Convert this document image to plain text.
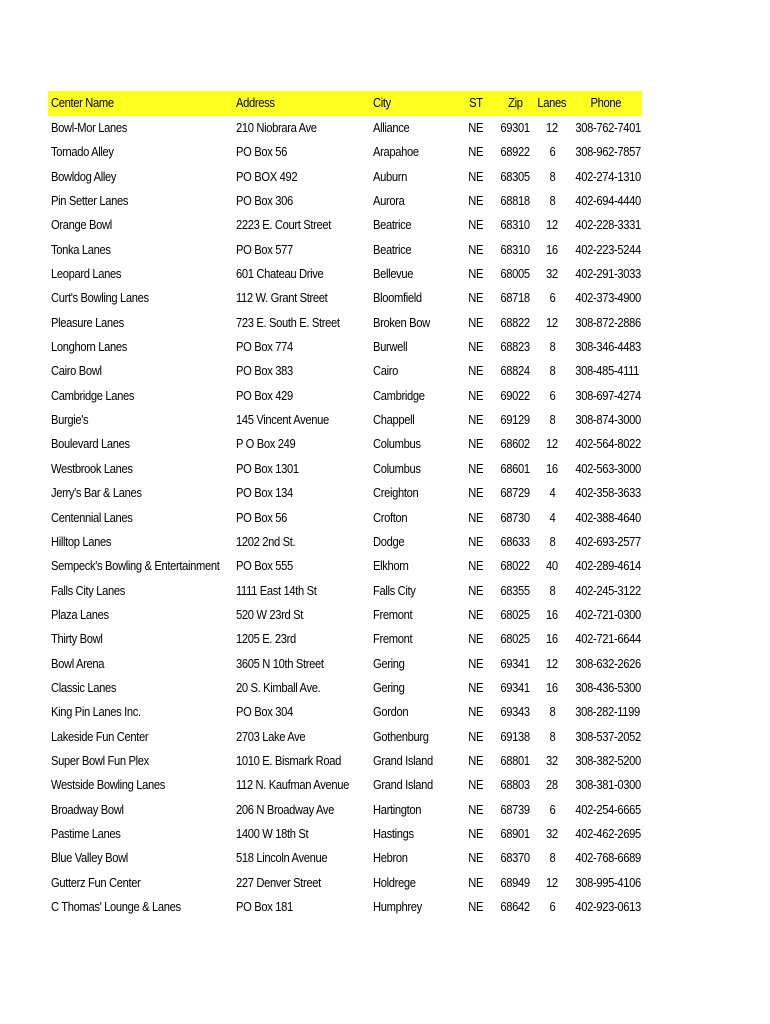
Center Name	Address	City	ST	Zip	Lanes	Phone
Bowl-Mor Lanes	210 Niobrara Ave	Alliance	NE	69301	12	308-762-7401
Tornado Alley	PO Box 56	Arapahoe	NE	68922	6	308-962-7857
Bowldog Alley	PO BOX 492	Auburn	NE	68305	8	402-274-1310
Pin Setter Lanes	PO Box 306	Aurora	NE	68818	8	402-694-4440
Orange Bowl	2223 E. Court Street	Beatrice	NE	68310	12	402-228-3331
Tonka Lanes	PO Box 577	Beatrice	NE	68310	16	402-223-5244
Leopard Lanes	601 Chateau Drive	Bellevue	NE	68005	32	402-291-3033
Curt's Bowling Lanes	112 W. Grant Street	Bloomfield	NE	68718	6	402-373-4900
Pleasure Lanes	723 E. South E. Street	Broken Bow	NE	68822	12	308-872-2886
Longhorn Lanes	PO Box 774	Burwell	NE	68823	8	308-346-4483
Cairo Bowl	PO Box 383	Cairo	NE	68824	8	308-485-4111
Cambridge Lanes	PO Box 429	Cambridge	NE	69022	6	308-697-4274
Burgie's	145 Vincent Avenue	Chappell	NE	69129	8	308-874-3000
Boulevard Lanes	P O Box 249	Columbus	NE	68602	12	402-564-8022
Westbrook Lanes	PO Box 1301	Columbus	NE	68601	16	402-563-3000
Jerry's Bar & Lanes	PO Box 134	Creighton	NE	68729	4	402-358-3633
Centennial Lanes	PO Box 56	Crofton	NE	68730	4	402-388-4640
Hilltop Lanes	1202 2nd St.	Dodge	NE	68633	8	402-693-2577
Sempeck's Bowling & Entertainment	PO Box 555	Elkhorn	NE	68022	40	402-289-4614
Falls City Lanes	1111 East 14th St	Falls City	NE	68355	8	402-245-3122
Plaza Lanes	520 W 23rd St	Fremont	NE	68025	16	402-721-0300
Thirty Bowl	1205 E. 23rd	Fremont	NE	68025	16	402-721-6644
Bowl Arena	3605 N 10th Street	Gering	NE	69341	12	308-632-2626
Classic Lanes	20 S. Kimball Ave.	Gering	NE	69341	16	308-436-5300
King Pin Lanes Inc.	PO Box 304	Gordon	NE	69343	8	308-282-1199
Lakeside Fun Center	2703 Lake Ave	Gothenburg	NE	69138	8	308-537-2052
Super Bowl Fun Plex	1010 E. Bismark Road	Grand Island	NE	68801	32	308-382-5200
Westside Bowling Lanes	112 N. Kaufman Avenue	Grand Island	NE	68803	28	308-381-0300
Broadway Bowl	206 N Broadway Ave	Hartington	NE	68739	6	402-254-6665
Pastime Lanes	1400 W 18th St	Hastings	NE	68901	32	402-462-2695
Blue Valley Bowl	518 Lincoln Avenue	Hebron	NE	68370	8	402-768-6689
Gutterz Fun Center	227 Denver Street	Holdrege	NE	68949	12	308-995-4106
C Thomas' Lounge & Lanes	PO Box 181	Humphrey	NE	68642	6	402-923-0613
